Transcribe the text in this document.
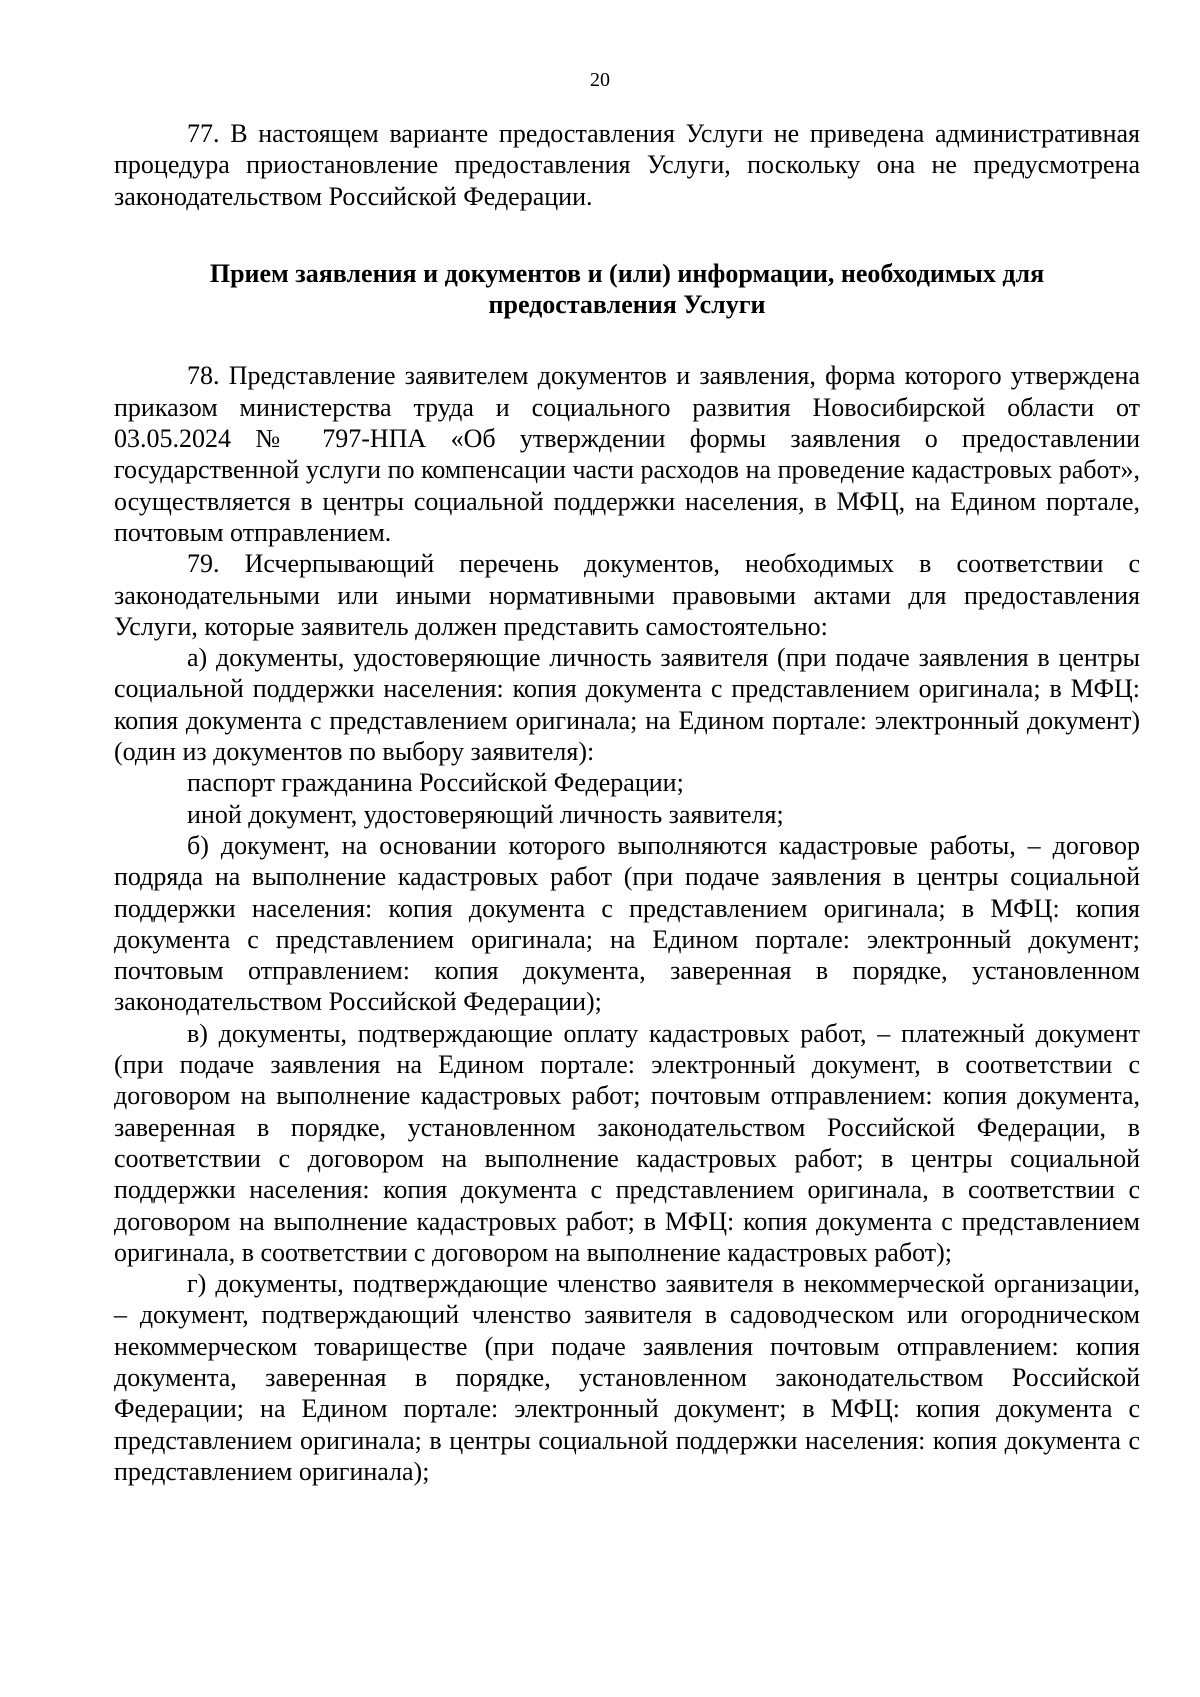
20

77. В настоящем варианте предоставления Услуги не приведена административная процедура приостановление предоставления Услуги, поскольку она не предусмотрена законодательством Российской Федерации.

Прием заявления и документов и (или) информации, необходимых для
предоставления Услуги

78. Представление заявителем документов и заявления, форма которого утверждена приказом министерства труда и социального развития Новосибирской области от 03.05.2024 № 797-НПА «Об утверждении формы заявления о предоставлении государственной услуги по компенсации части расходов на проведение кадастровых работ», осуществляется в центры социальной поддержки населения, в МФЦ, на Едином портале, почтовым отправлением.

79. Исчерпывающий перечень документов, необходимых в соответствии с законодательными или иными нормативными правовыми актами для предоставления Услуги, которые заявитель должен представить самостоятельно:

а) документы, удостоверяющие личность заявителя (при подаче заявления в центры социальной поддержки населения: копия документа с представлением оригинала; в МФЦ: копия документа с представлением оригинала; на Едином портале: электронный документ) (один из документов по выбору заявителя):

паспорт гражданина Российской Федерации;

иной документ, удостоверяющий личность заявителя;

б) документ, на основании которого выполняются кадастровые работы, – договор подряда на выполнение кадастровых работ (при подаче заявления в центры социальной поддержки населения: копия документа с представлением оригинала; в МФЦ: копия документа с представлением оригинала; на Едином портале: электронный документ; почтовым отправлением: копия документа, заверенная в порядке, установленном законодательством Российской Федерации);

в) документы, подтверждающие оплату кадастровых работ, – платежный документ (при подаче заявления на Едином портале: электронный документ, в соответствии с договором на выполнение кадастровых работ; почтовым отправлением: копия документа, заверенная в порядке, установленном законодательством Российской Федерации, в соответствии с договором на выполнение кадастровых работ; в центры социальной поддержки населения: копия документа с представлением оригинала, в соответствии с договором на выполнение кадастровых работ; в МФЦ: копия документа с представлением оригинала, в соответствии с договором на выполнение кадастровых работ);

г) документы, подтверждающие членство заявителя в некоммерческой организации, – документ, подтверждающий членство заявителя в садоводческом или огородническом некоммерческом товариществе (при подаче заявления почтовым отправлением: копия документа, заверенная в порядке, установленном законодательством Российской Федерации; на Едином портале: электронный документ; в МФЦ: копия документа с представлением оригинала; в центры социальной поддержки населения: копия документа с представлением оригинала);
